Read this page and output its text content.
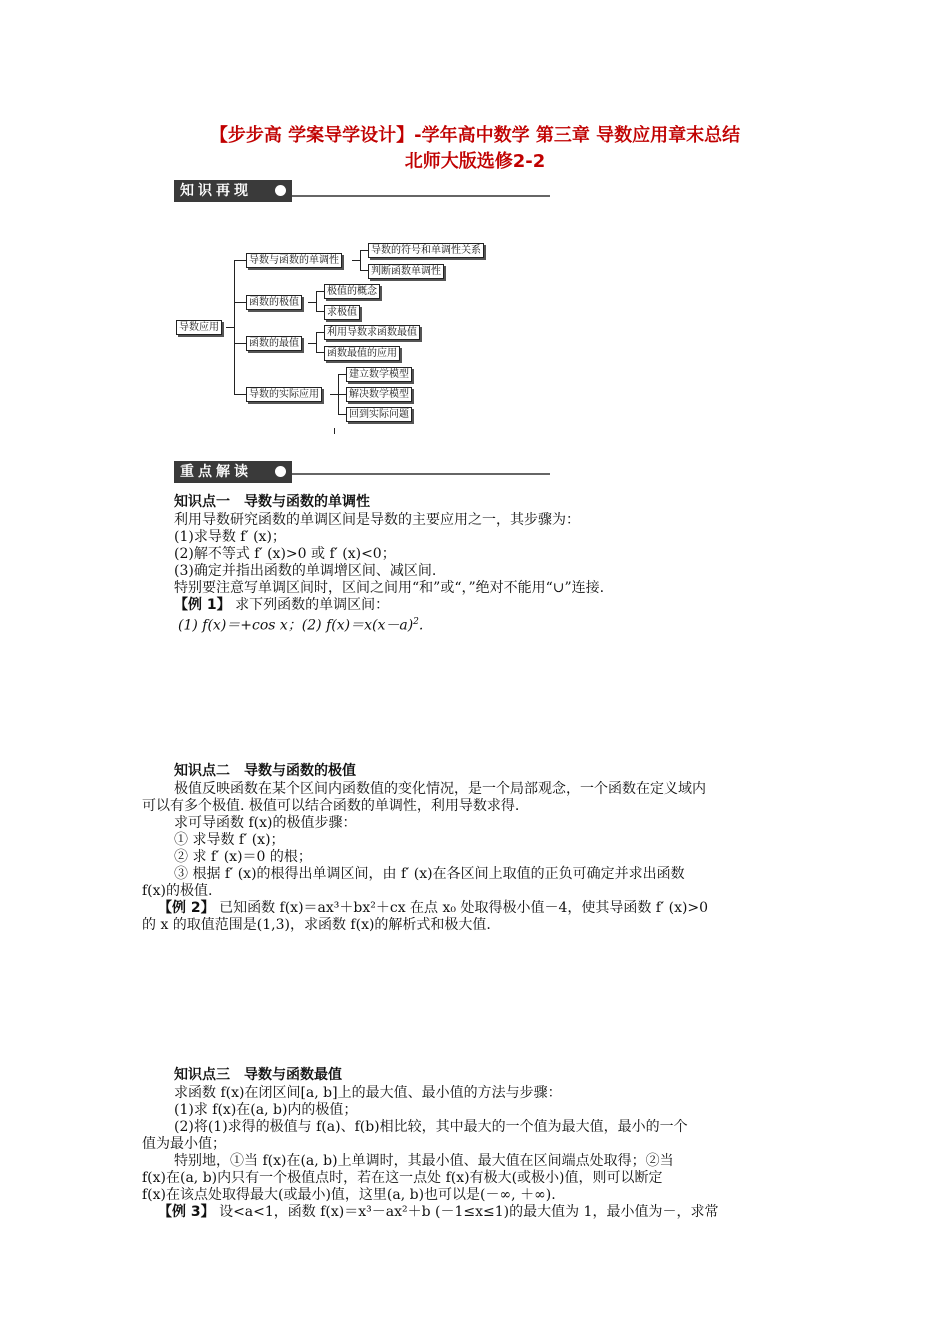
【步步高 学案导学设计】-学年高中数学 第三章 导数应用章末总结
北师大版选修2-2
知识再现
导数应用
导数与函数的单调性
导数的符号和单调性关系
判断函数单调性
函数的极值
极值的概念
求极值
函数的最值
利用导数求函数最值
函数最值的应用
导数的实际应用
建立数学模型
解决数学模型
回到实际问题
重点解读
知识点一　导数与函数的单调性
利用导数研究函数的单调区间是导数的主要应用之一，其步骤为：
(1)求导数 f′ (x)；
(2)解不等式 f′ (x)>0 或 f′ (x)<0；
(3)确定并指出函数的单调增区间、减区间.
特别要注意写单调区间时，区间之间用“和”或“，”绝对不能用“∪”连接.
【例 1】 求下列函数的单调区间：
(1) f(x)＝+cos x；(2) $f(x)=x(x-a)^2$.
知识点二　导数与函数的极值
极值反映函数在某个区间内函数值的变化情况，是一个局部观念，一个函数在定义域内
可以有多个极值. 极值可以结合函数的单调性，利用导数求得.
求可导函数 f(x)的极值步骤：
① 求导数 f′ (x)；
② 求 f′ (x)＝0 的根；
③ 根据 f′ (x)的根得出单调区间，由 f′ (x)在各区间上取值的正负可确定并求出函数
f(x)的极值.
【例 2】 已知函数 f(x)＝ax³＋bx²＋cx 在点 x₀ 处取得极小值－4，使其导函数 f′ (x)>0
的 x 的取值范围是(1,3)，求函数 f(x)的解析式和极大值.
知识点三　导数与函数最值
求函数 f(x)在闭区间[a, b]上的最大值、最小值的方法与步骤：
(1)求 f(x)在(a, b)内的极值；
(2)将(1)求得的极值与 f(a)、f(b)相比较，其中最大的一个值为最大值，最小的一个
值为最小值；
特别地，①当 f(x)在(a, b)上单调时，其最小值、最大值在区间端点处取得；②当
f(x)在(a, b)内只有一个极值点时，若在这一点处 f(x)有极大(或极小)值，则可以断定
f(x)在该点处取得最大(或最小)值，这里(a, b)也可以是(－∞, ＋∞).
【例 3】 设<a<1，函数 f(x)＝x³－ax²＋b (－1≤x≤1)的最大值为 1，最小值为－，求常
